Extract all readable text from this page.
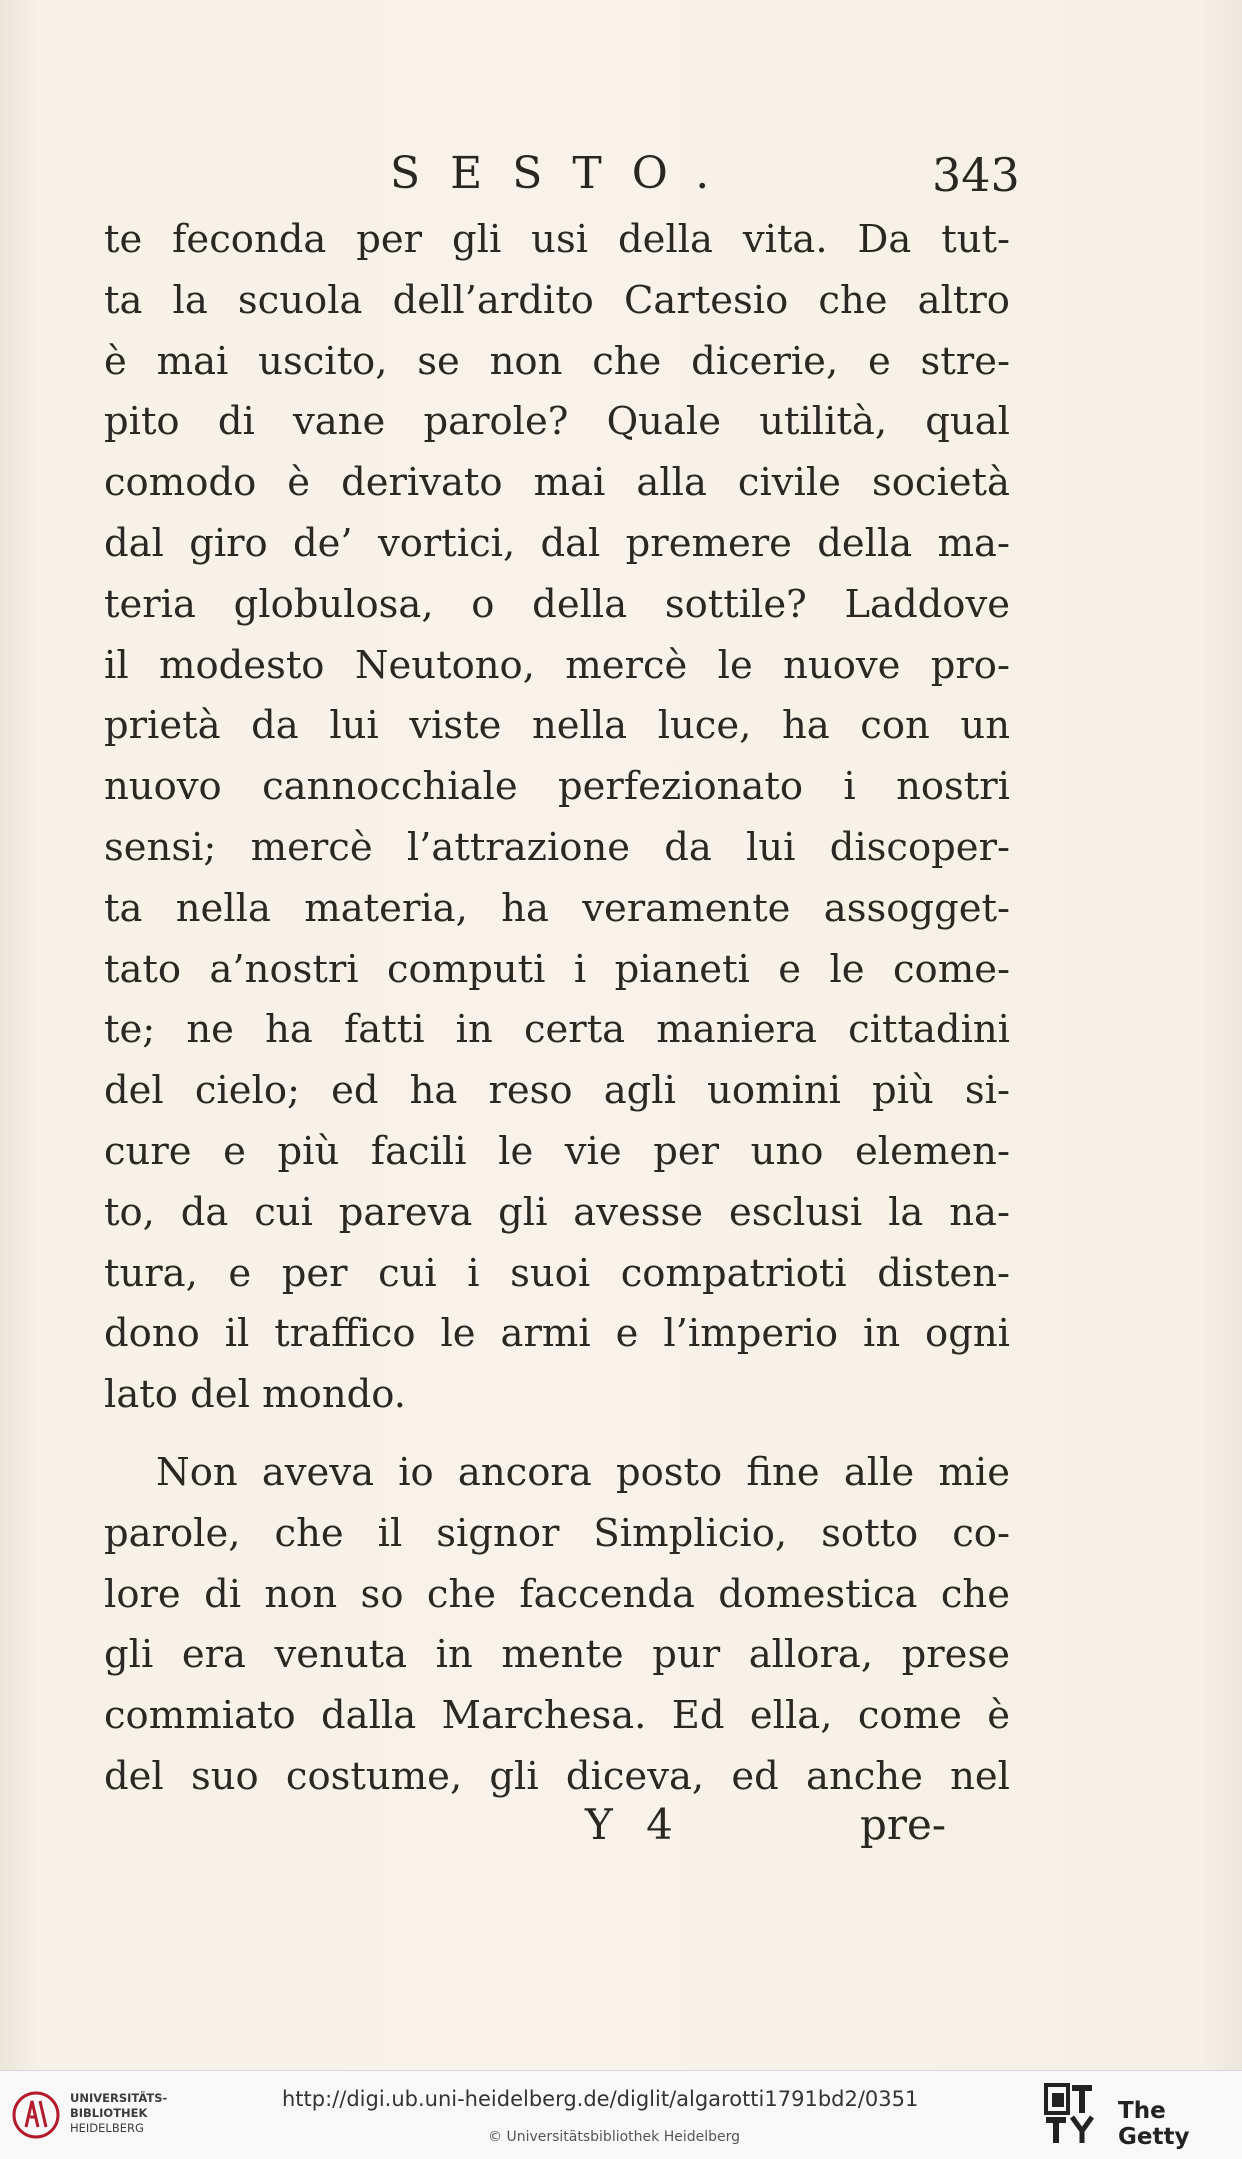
SESTO.	343
te feconda per gli usi della vita. Da tut-
ta la scuola dell’ardito Cartesio che altro
è mai uscito, se non che dicerie, e stre-
pito di vane parole? Quale utilità, qual
comodo è derivato mai alla civile società
dal giro de’ vortici, dal premere della ma-
teria globulosa, o della sottile? Laddove
il modesto Neutono, mercè le nuove pro-
prietà da lui viste nella luce, ha con un
nuovo cannocchiale perfezionato i nostri
sensi; mercè l’attrazione da lui discoper-
ta nella materia, ha veramente assogget-
tato a’nostri computi i pianeti e le come-
te; ne ha fatti in certa maniera cittadini
del cielo; ed ha reso agli uomini più si-
cure e più facili le vie per uno elemen-
to, da cui pareva gli avesse esclusi la na-
tura, e per cui i suoi compatrioti disten-
dono il traffico le armi e l’imperio in ogni
lato del mondo.
Non aveva io ancora posto fine alle mie
parole, che il signor Simplicio, sotto co-
lore di non so che faccenda domestica che
gli era venuta in mente pur allora, prese
commiato dalla Marchesa. Ed ella, come è
del suo costume, gli diceva, ed anche nel
Y 4	pre-
UNIVERSITÄTS-
BIBLIOTHEK
HEIDELBERG
http://digi.ub.uni-heidelberg.de/diglit/algarotti1791bd2/0351
© Universitätsbibliothek Heidelberg
The Getty
